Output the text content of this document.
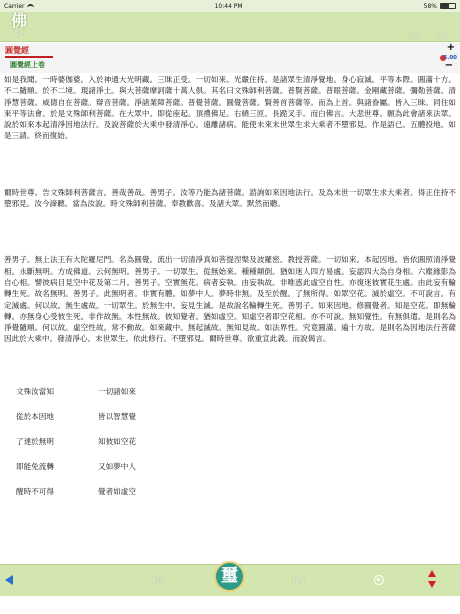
Carrier	10:44 PM	58%
佛
經	評分 分享
圓覺經
圓覺經上卷
+
5.00
−

如是我聞。一時婆伽婆。入於神通大光明藏。三昧正受。一切如來。光嚴住持。是諸眾生清淨覺地。身心寂滅。平等本際。圓滿十方。不二隨順。於不二境。現諸淨土。與大菩薩摩訶薩十萬人俱。其名曰文殊師利菩薩。普賢菩薩。普眼菩薩。金剛藏菩薩。彌勒菩薩。清淨慧菩薩。威德自在菩薩。辯音菩薩。淨諸業障菩薩。普覺菩薩。圓覺菩薩。賢善首菩薩等。而為上首。與諸眷屬。皆入三昧。同住如來平等法會。於是文殊師利菩薩。在大眾中。即從座起。頂禮佛足。右繞三匝。長跪叉手。而白佛言。大悲世尊。願為此會諸來法眾。說於如來本起清淨因地法行。及說菩薩於大乘中發清淨心。遠離諸病。能使未來末世眾生求大乘者不墮邪見。作是語已。五體投地。如是三請。終而復始。

爾時世尊。告文殊師利菩薩言。善哉善哉。善男子。汝等乃能為諸菩薩。諮詢如來因地法行。及為末世一切眾生求大乘者。得正住持不墮邪見。汝今諦聽。當為汝說。時文殊師利菩薩。奉教歡喜。及諸大眾。默然而聽。

善男子。無上法王有大陀羅尼門。名為圓覺。流出一切清淨真如菩提涅槃及波羅密。教授菩薩。一切如來。本起因地。皆依圓照清淨覺相。永斷無明。方成佛道。云何無明。善男子。一切眾生。從無始來。種種顛倒。猶如迷人四方易處。妄認四大為自身相。六塵緣影為自心相。譬彼病目見空中花及第二月。善男子。空實無花。病者妄執。由妄執故。非唯惑此虛空自性。亦復迷彼實花生處。由此妄有輪轉生死。故名無明。善男子。此無明者。非實有體。如夢中人。夢時非無。及至於醒。了無所得。如眾空花。滅於虛空。不可說言。有定滅處。何以故。無生處故。一切眾生。於無生中。妄見生滅。是故說名輪轉生死。善男子。如來因地。修圓覺者。知是空花。即無輪轉。亦無身心受彼生死。非作故無。本性無故。彼知覺者。猶如虛空。知虛空者即空花相。亦不可說。無知覺性。有無俱遣。是則名為淨覺隨順。何以故。虛空性故。常不動故。如來藏中。無起滅故。無知見故。如法界性。究竟圓滿。遍十方故。是則名為因地法行菩薩因此於大乘中。發清淨心。末世眾生。依此修行。不墮邪見。爾時世尊。欲重宣此義。而說偈言。

文殊汝當知	一切諸如來
從於本因地	皆以智慧覺
了達於無明	知彼如空花
即能免流轉	又如夢中人
醒時不可得	覺者如虛空
佛經	璽	簡介
